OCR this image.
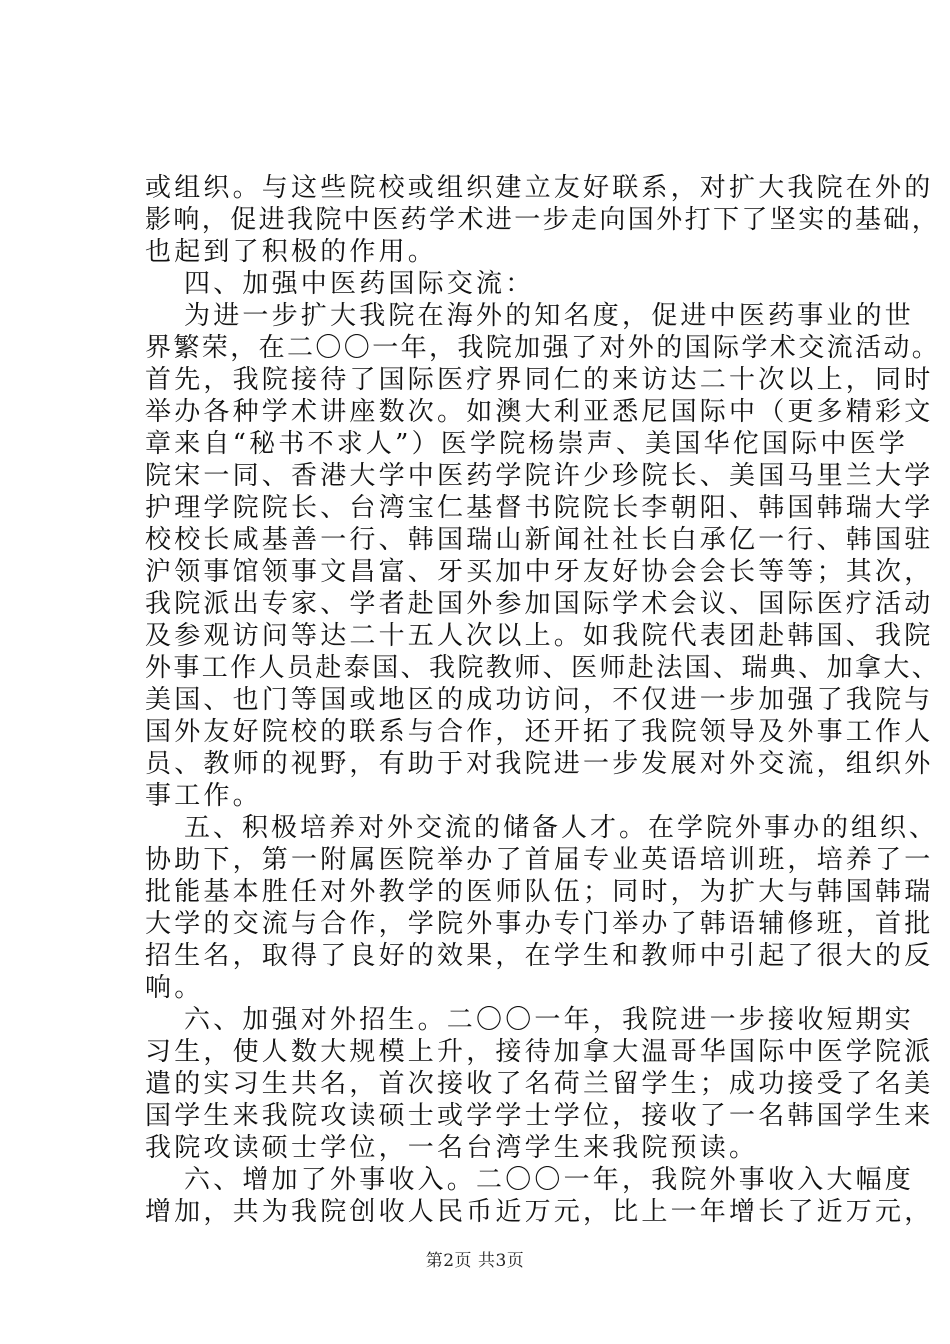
或组织。与这些院校或组织建立友好联系，对扩大我院在外的
影响，促进我院中医药学术进一步走向国外打下了坚实的基础，
也起到了积极的作用。
四、加强中医药国际交流：
为进一步扩大我院在海外的知名度，促进中医药事业的世
界繁荣，在二〇〇一年，我院加强了对外的国际学术交流活动。
首先，我院接待了国际医疗界同仁的来访达二十次以上，同时
举办各种学术讲座数次。如澳大利亚悉尼国际中（更多精彩文
章来自“秘书不求人”）医学院杨崇声、美国华佗国际中医学
院宋一同、香港大学中医药学院许少珍院长、美国马里兰大学
护理学院院长、台湾宝仁基督书院院长李朝阳、韩国韩瑞大学
校校长咸基善一行、韩国瑞山新闻社社长白承亿一行、韩国驻
沪领事馆领事文昌富、牙买加中牙友好协会会长等等；其次，
我院派出专家、学者赴国外参加国际学术会议、国际医疗活动
及参观访问等达二十五人次以上。如我院代表团赴韩国、我院
外事工作人员赴泰国、我院教师、医师赴法国、瑞典、加拿大、
美国、也门等国或地区的成功访问，不仅进一步加强了我院与
国外友好院校的联系与合作，还开拓了我院领导及外事工作人
员、教师的视野，有助于对我院进一步发展对外交流，组织外
事工作。
五、积极培养对外交流的储备人才。在学院外事办的组织、
协助下，第一附属医院举办了首届专业英语培训班，培养了一
批能基本胜任对外教学的医师队伍；同时，为扩大与韩国韩瑞
大学的交流与合作，学院外事办专门举办了韩语辅修班，首批
招生名，取得了良好的效果，在学生和教师中引起了很大的反
响。
六、加强对外招生。二〇〇一年，我院进一步接收短期实
习生，使人数大规模上升，接待加拿大温哥华国际中医学院派
遣的实习生共名，首次接收了名荷兰留学生；成功接受了名美
国学生来我院攻读硕士或学学士学位，接收了一名韩国学生来
我院攻读硕士学位，一名台湾学生来我院预读。
六、增加了外事收入。二〇〇一年，我院外事收入大幅度
增加，共为我院创收人民币近万元，比上一年增长了近万元，
第2页 共3页
